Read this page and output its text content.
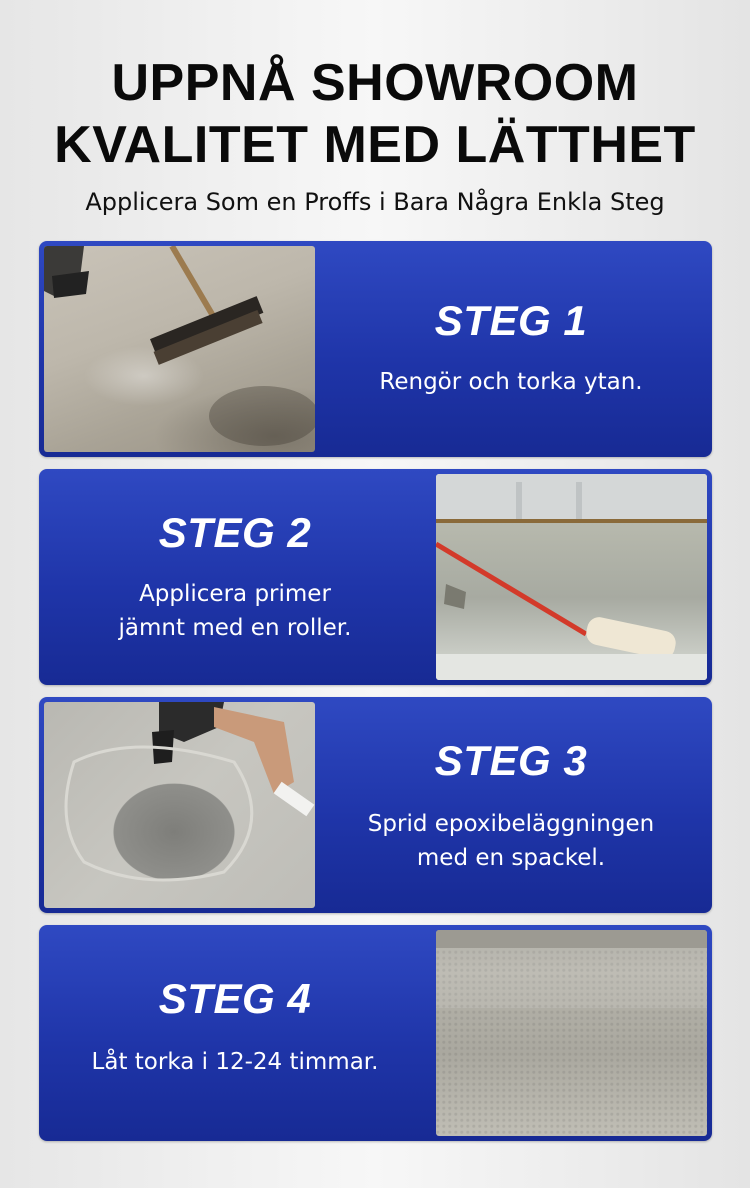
UPPNÅ SHOWROOM
KVALITET MED LÄTTHET
Applicera Som en Proffs i Bara Några Enkla Steg
STEG 1
Rengör och torka ytan.
STEG 2
Applicera primer
jämnt med en roller.
STEG 3
Sprid epoxibeläggningen
med en spackel.
STEG 4
Låt torka i 12-24 timmar.
